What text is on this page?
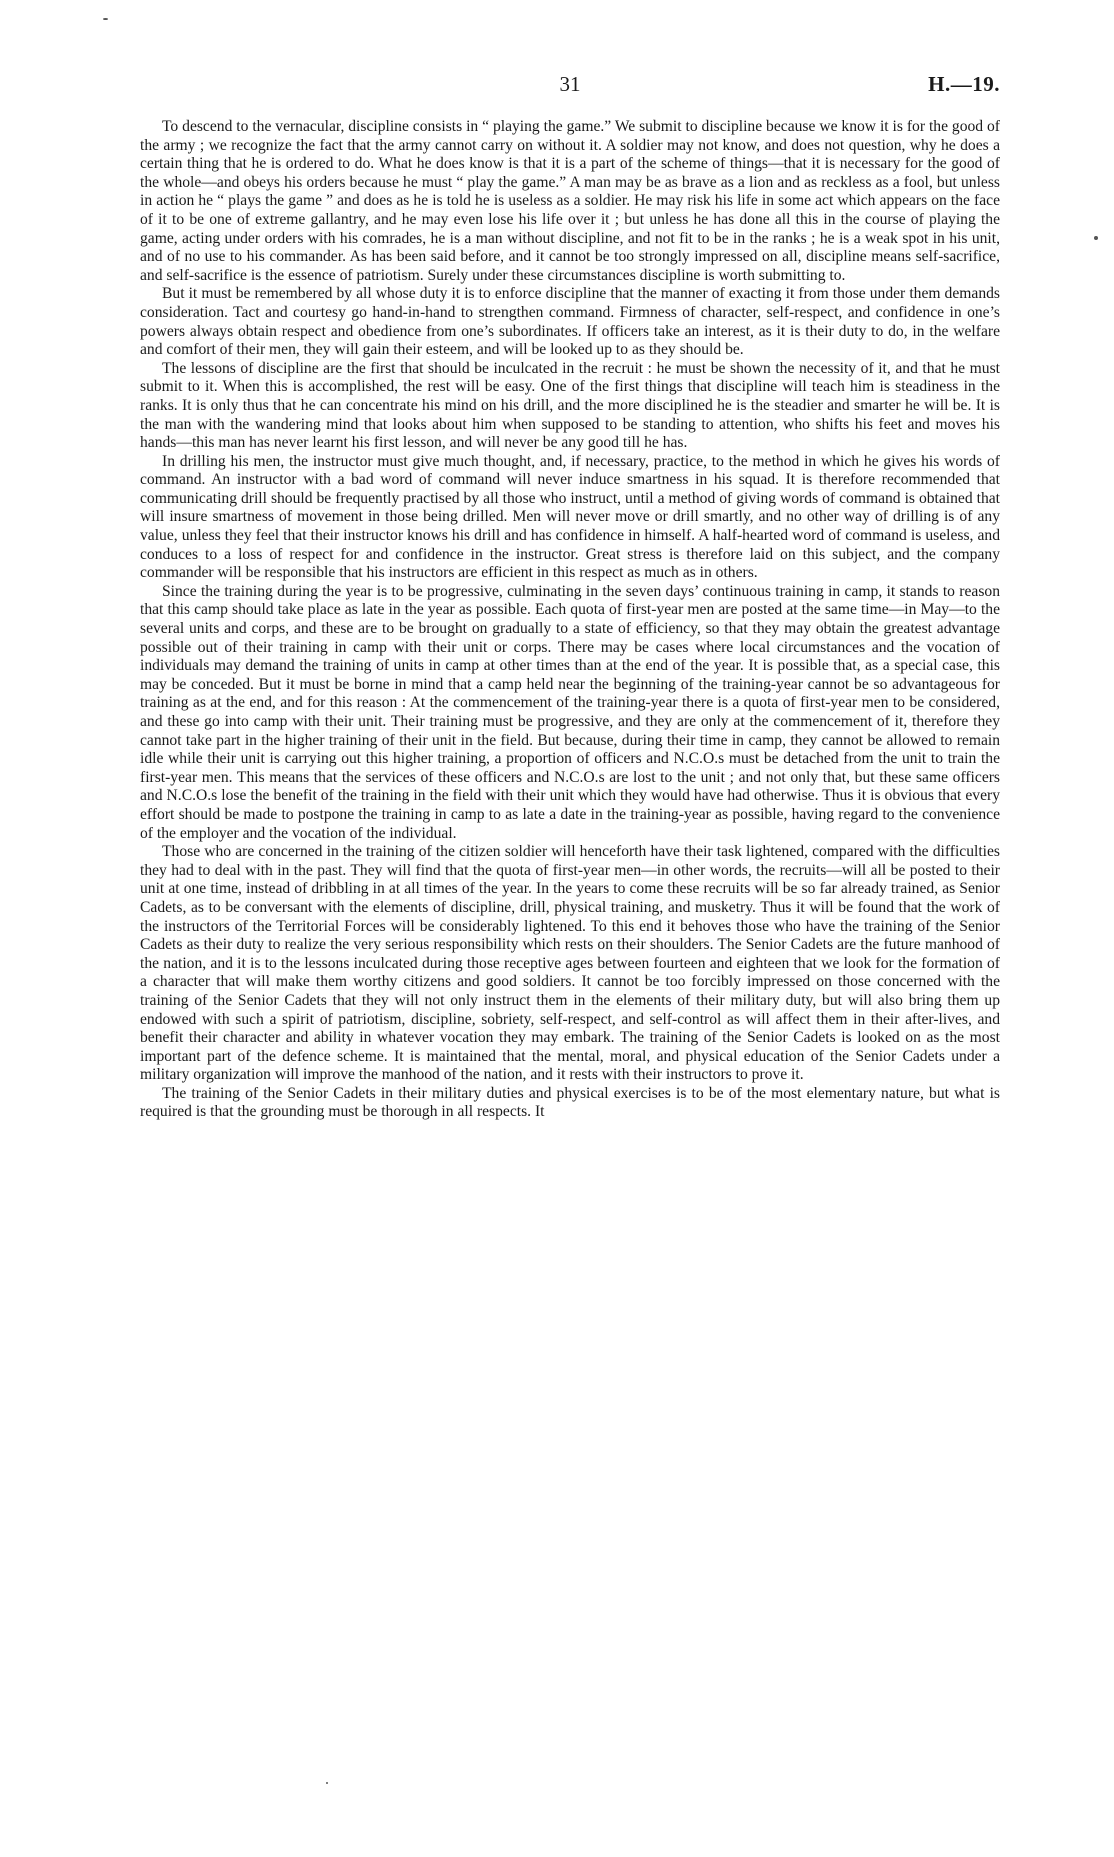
31	H.—19.

To descend to the vernacular, discipline consists in “ playing the game.” We submit to discipline because we know it is for the good of the army ; we recognize the fact that the army cannot carry on without it. A soldier may not know, and does not question, why he does a certain thing that he is ordered to do. What he does know is that it is a part of the scheme of things—that it is necessary for the good of the whole—and obeys his orders because he must “ play the game.” A man may be as brave as a lion and as reckless as a fool, but unless in action he “ plays the game ” and does as he is told he is useless as a soldier. He may risk his life in some act which appears on the face of it to be one of extreme gallantry, and he may even lose his life over it ; but unless he has done all this in the course of playing the game, acting under orders with his comrades, he is a man without discipline, and not fit to be in the ranks ; he is a weak spot in his unit, and of no use to his commander. As has been said before, and it cannot be too strongly impressed on all, discipline means self-sacrifice, and self-sacrifice is the essence of patriotism. Surely under these circumstances discipline is worth submitting to.

But it must be remembered by all whose duty it is to enforce discipline that the manner of exacting it from those under them demands consideration. Tact and courtesy go hand-in-hand to strengthen command. Firmness of character, self-respect, and confidence in one’s powers always obtain respect and obedience from one’s subordinates. If officers take an interest, as it is their duty to do, in the welfare and comfort of their men, they will gain their esteem, and will be looked up to as they should be.

The lessons of discipline are the first that should be inculcated in the recruit : he must be shown the necessity of it, and that he must submit to it. When this is accomplished, the rest will be easy. One of the first things that discipline will teach him is steadiness in the ranks. It is only thus that he can concentrate his mind on his drill, and the more disciplined he is the steadier and smarter he will be. It is the man with the wandering mind that looks about him when supposed to be standing to attention, who shifts his feet and moves his hands—this man has never learnt his first lesson, and will never be any good till he has.

In drilling his men, the instructor must give much thought, and, if necessary, practice, to the method in which he gives his words of command. An instructor with a bad word of command will never induce smartness in his squad. It is therefore recommended that communicating drill should be frequently practised by all those who instruct, until a method of giving words of command is obtained that will insure smartness of movement in those being drilled. Men will never move or drill smartly, and no other way of drilling is of any value, unless they feel that their instructor knows his drill and has confidence in himself. A half-hearted word of command is useless, and conduces to a loss of respect for and confidence in the instructor. Great stress is therefore laid on this subject, and the company commander will be responsible that his instructors are efficient in this respect as much as in others.

Since the training during the year is to be progressive, culminating in the seven days’ continuous training in camp, it stands to reason that this camp should take place as late in the year as possible. Each quota of first-year men are posted at the same time—in May—to the several units and corps, and these are to be brought on gradually to a state of efficiency, so that they may obtain the greatest advantage possible out of their training in camp with their unit or corps. There may be cases where local circumstances and the vocation of individuals may demand the training of units in camp at other times than at the end of the year. It is possible that, as a special case, this may be conceded. But it must be borne in mind that a camp held near the beginning of the training-year cannot be so advantageous for training as at the end, and for this reason : At the commencement of the training-year there is a quota of first-year men to be considered, and these go into camp with their unit. Their training must be progressive, and they are only at the commencement of it, therefore they cannot take part in the higher training of their unit in the field. But because, during their time in camp, they cannot be allowed to remain idle while their unit is carrying out this higher training, a proportion of officers and N.C.O.s must be detached from the unit to train the first-year men. This means that the services of these officers and N.C.O.s are lost to the unit ; and not only that, but these same officers and N.C.O.s lose the benefit of the training in the field with their unit which they would have had otherwise. Thus it is obvious that every effort should be made to postpone the training in camp to as late a date in the training-year as possible, having regard to the convenience of the employer and the vocation of the individual.

Those who are concerned in the training of the citizen soldier will henceforth have their task lightened, compared with the difficulties they had to deal with in the past. They will find that the quota of first-year men—in other words, the recruits—will all be posted to their unit at one time, instead of dribbling in at all times of the year. In the years to come these recruits will be so far already trained, as Senior Cadets, as to be conversant with the elements of discipline, drill, physical training, and musketry. Thus it will be found that the work of the instructors of the Territorial Forces will be considerably lightened. To this end it behoves those who have the training of the Senior Cadets as their duty to realize the very serious responsibility which rests on their shoulders. The Senior Cadets are the future manhood of the nation, and it is to the lessons inculcated during those receptive ages between fourteen and eighteen that we look for the formation of a character that will make them worthy citizens and good soldiers. It cannot be too forcibly impressed on those concerned with the training of the Senior Cadets that they will not only instruct them in the elements of their military duty, but will also bring them up endowed with such a spirit of patriotism, discipline, sobriety, self-respect, and self-control as will affect them in their after-lives, and benefit their character and ability in whatever vocation they may embark. The training of the Senior Cadets is looked on as the most important part of the defence scheme. It is maintained that the mental, moral, and physical education of the Senior Cadets under a military organization will improve the manhood of the nation, and it rests with their instructors to prove it.

The training of the Senior Cadets in their military duties and physical exercises is to be of the most elementary nature, but what is required is that the grounding must be thorough in all respects. It
